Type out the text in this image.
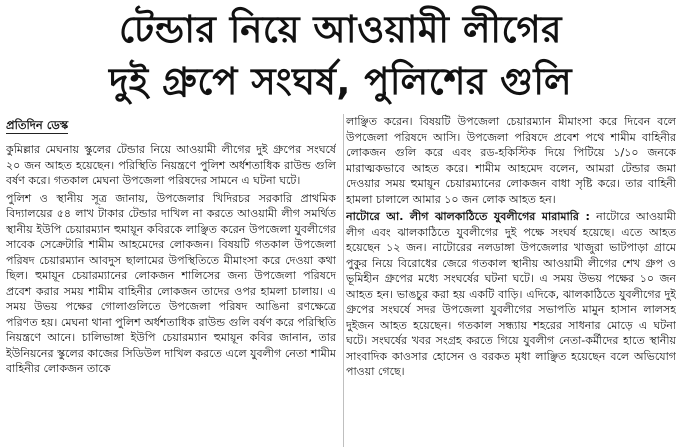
টেন্ডার নিয়ে আওয়ামী লীগের
দুই গ্রুপে সংঘর্ষ, পুলিশের গুলি
প্রতিদিন ডেস্ক

কুমিল্লার মেঘনায় স্কুলের টেন্ডার নিয়ে আওয়ামী লীগের দুই গ্রুপের সংঘর্ষে ২০ জন আহত হয়েছেন। পরিস্থিতি নিয়ন্ত্রণে পুলিশ অর্ধশতাধিক রাউন্ড গুলি বর্ষণ করে। গতকাল মেঘনা উপজেলা পরিষদের সামনে এ ঘটনা ঘটে।

পুলিশ ও স্থানীয় সূত্র জানায়, উপজেলার খিদিরচর সরকারি প্রাথমিক বিদ্যালয়ের ৫৪ লাখ টাকার টেন্ডার দাখিল না করতে আওয়ামী লীগ সমর্থিত স্থানীয় ইউপি চেয়ারম্যান হুমায়ূন কবিরকে লাঞ্ছিত করেন উপজেলা যুবলীগের সাবেক সেক্রেটারি শামীম আহমেদের লোকজন। বিষয়টি গতকাল উপজেলা পরিষদ চেয়ারম্যান আবদুস ছালামের উপস্থিতিতে মীমাংসা করে দেওয়া কথা ছিল। হুমায়ূন চেয়ারম্যানের লোকজন শালিসের জন্য উপজেলা পরিষদে প্রবেশ করার সময় শামীম বাহিনীর লোকজন তাদের ওপর হামলা চালায়। এ সময় উভয় পক্ষের গোলাগুলিতে উপজেলা পরিষদ আঙিনা রণক্ষেত্রে পরিণত হয়। মেঘনা থানা পুলিশ অর্ধশতাধিক রাউন্ড গুলি বর্ষণ করে পরিস্থিতি নিয়ন্ত্রণে আনে। চালিভাঙ্গা ইউপি চেয়ারম্যান হুমায়ূন কবির জানান, তার ইউনিয়নের স্কুলের কাজের সিডিউল দাখিল করতে এলে যুবলীগ নেতা শামীম বাহিনীর লোকজন তাকে

লাঞ্ছিত করেন। বিষয়টি উপজেলা চেয়ারম্যান মীমাংসা করে দিবেন বলে উপজেলা পরিষদে আসি। উপজেলা পরিষদে প্রবেশ পথে শামীম বাহিনীর লোকজন গুলি করে এবং রড-হকিস্টিক দিয়ে পিটিয়ে ১/১০ জনকে মারাত্মকভাবে আহত করে। শামীম আহমেদ বলেন, আমরা টেন্ডার জমা দেওয়ার সময় হুমায়ূন চেয়ারম্যানের লোকজন বাধা সৃষ্টি করে। তার বাহিনী হামলা চালালে আমার ১০ জন লোক আহত হন।

নাটোরে আ. লীগ ঝালকাঠিতে যুবলীগের মারামারি : নাটোরে আওয়ামী লীগ এবং ঝালকাঠিতে যুবলীগের দুই পক্ষে সংঘর্ষ হয়েছে। এতে আহত হয়েছেন ১২ জন। নাটোরের নলডাঙ্গা উপজেলার খাজুরা ভাটপাড়া গ্রামে পুকুর নিয়ে বিরোধের জেরে গতকাল স্থানীয় আওয়ামী লীগের শেখ গ্রুপ ও ভূমিহীন গ্রুপের মধ্যে সংঘর্ষের ঘটনা ঘটে। এ সময় উভয় পক্ষের ১০ জন আহত হন। ভাঙচুর করা হয় একটি বাড়ি। এদিকে, ঝালকাঠিতে যুবলীগের দুই গ্রুপের সংঘর্ষে সদর উপজেলা যুবলীগের সভাপতি মামুন হাসান লালসহ দুইজন আহত হয়েছেন। গতকাল সন্ধ্যায় শহরের সাধনার মোড়ে এ ঘটনা ঘটে। সংঘর্ষের খবর সংগ্রহ করতে গিয়ে যুবলীগ নেতা-কর্মীদের হাতে স্থানীয় সাংবাদিক কাওসার হোসেন ও বরকত মৃধা লাঞ্ছিত হয়েছেন বলে অভিযোগ পাওয়া গেছে।
